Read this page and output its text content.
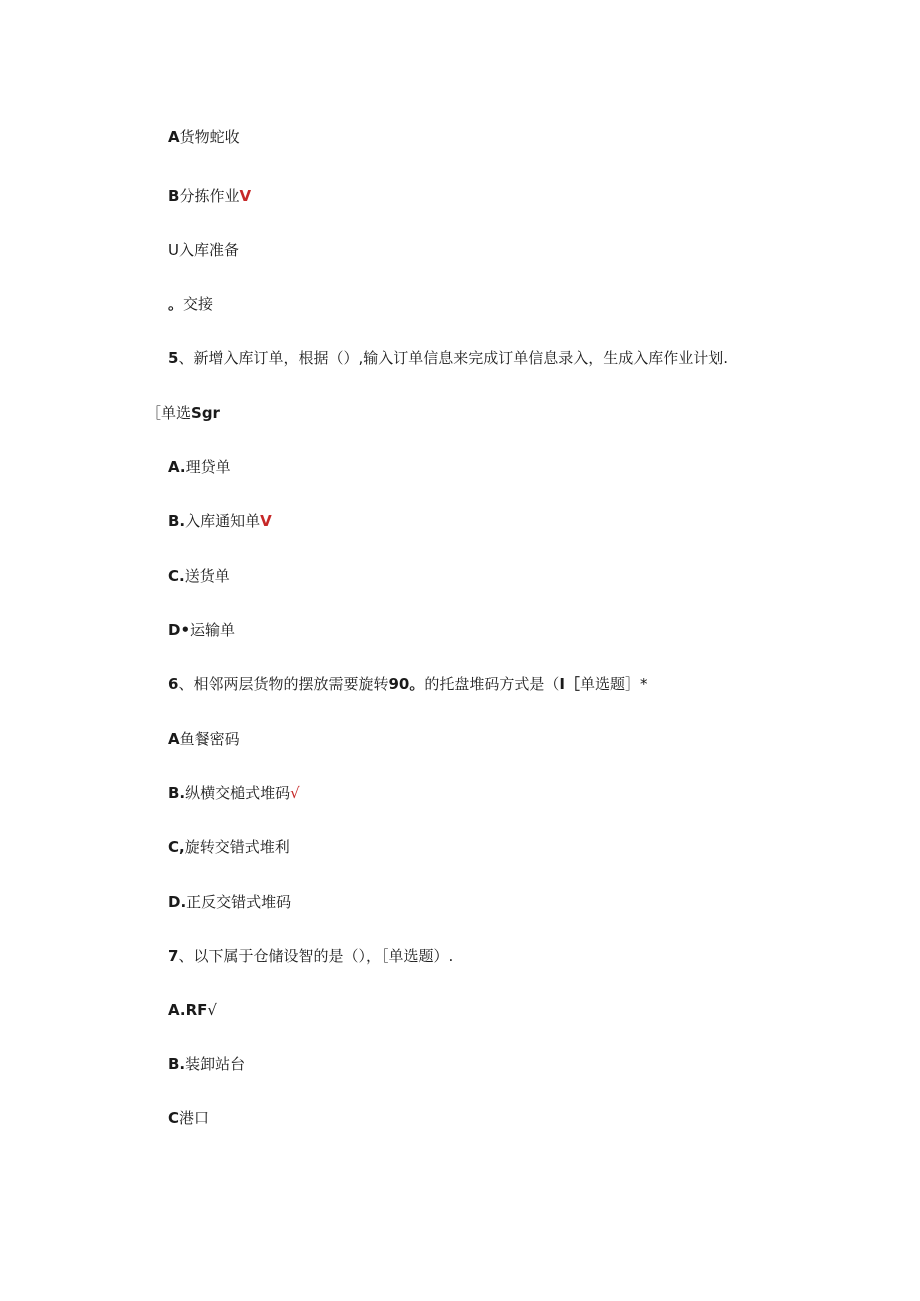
A货物蛇收
B分拣作业V
U入库准备
。交接
5、新增入库订单，根据（）,输入订单信息来完成订单信息录入，生成入库作业计划.
［单选Sgr
A.理贷单
B.入库通知单V
C.送货单
D•运输单
6、相邻两层货物的摆放需要旋转90。的托盘堆码方式是（I［单选题］*
A鱼餐密码
B.纵横交槌式堆码√
C,旋转交错式堆利
D.正反交错式堆码
7、以下属于仓储设智的是（），［单选题）.
A.RF√
B.装卸站台
C港口
